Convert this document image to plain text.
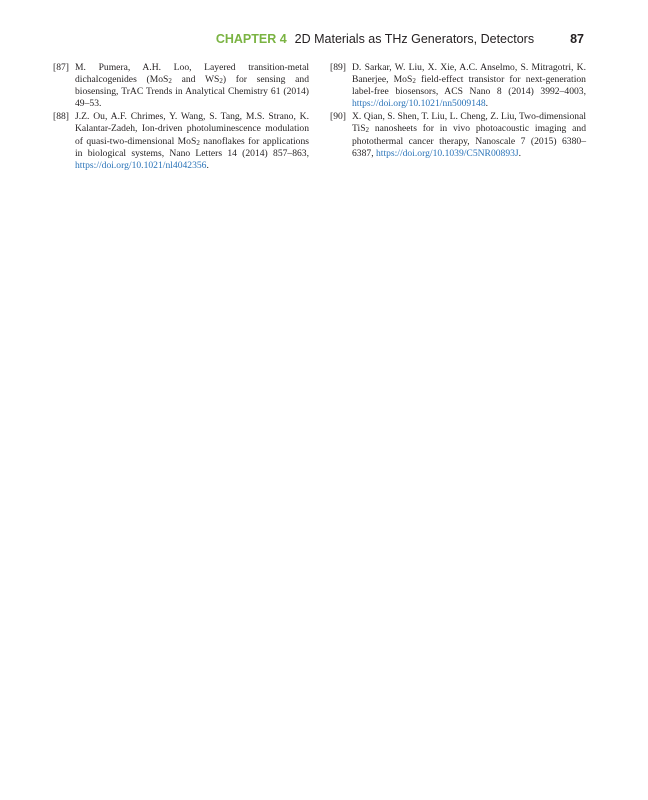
CHAPTER 4 2D Materials as THz Generators, Detectors	87
[87] M. Pumera, A.H. Loo, Layered transition-metal dichalcogenides (MoS$_2$ and $WS_2$) for sensing and biosensing, TrAC Trends in Analytical Chemistry 61 (2014) 49–53.
[88] J.Z. Ou, A.F. Chrimes, Y. Wang, S. Tang, M.S. Strano, K. Kalantar-Zadeh, Ion-driven photoluminescence modulation of quasi-two-dimensional MoS$_2$ nanoflakes for applications in biological systems, Nano Letters 14 (2014) 857–863, https://doi.org/10.1021/nl4042356.
[89] D. Sarkar, W. Liu, X. Xie, A.C. Anselmo, S. Mitragotri, K. Banerjee, MoS$_2$ field-effect transistor for next-generation label-free biosensors, ACS Nano 8 (2014) 3992–4003, https://doi.org/10.1021/nn5009148.
[90] X. Qian, S. Shen, T. Liu, L. Cheng, Z. Liu, Two-dimensional TiS$_2$ nanosheets for in vivo photoacoustic imaging and photothermal cancer therapy, Nanoscale 7 (2015) 6380–6387, https://doi.org/10.1039/C5NR00893J.
